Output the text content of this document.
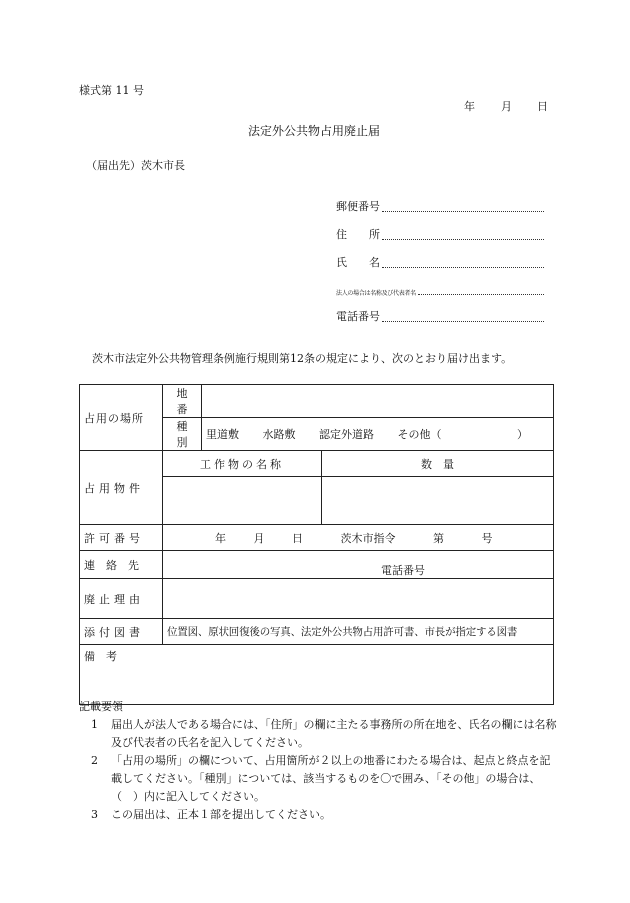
様式第 11 号
年 月 日
法定外公共物占用廃止届
（届出先）茨木市長
郵便番号
住　　所
氏　　名
法人の場合は名称及び代表者名
電話番号
茨木市法定外公共物管理条例施行規則第12条の規定により、次のとおり届け出ます。
占用の場所	地　番		
	種　別	里道敷 水路敷 認定外道路 その他（ ）	
占用物件	工作物の名称		数　量

許可番号	年 月 日 茨木市指令 第 号		
連　絡　先	電話番号		
廃止理由			
添付図書	位置図、原状回復後の写真、法定外公共物占用許可書、市長が指定する図書		
備　考			
記載要領
1 届出人が法人である場合には、「住所」の欄に主たる事務所の所在地を、氏名の欄には名称及び代表者の氏名を記入してください。
2 「占用の場所」の欄について、占用箇所が２以上の地番にわたる場合は、起点と終点を記載してください。「種別」については、該当するものを〇で囲み、「その他」の場合は、（　）内に記入してください。
3 この届出は、正本１部を提出してください。
